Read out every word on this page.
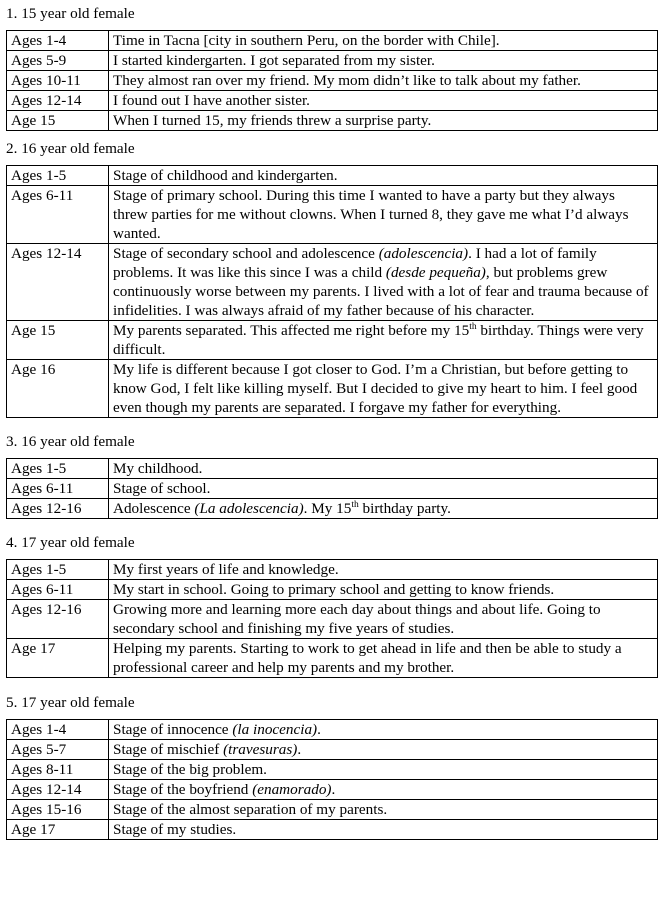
1. 15 year old female

Ages 1-4	Time in Tacna [city in southern Peru, on the border with Chile].
Ages 5-9	I started kindergarten. I got separated from my sister.
Ages 10-11	They almost ran over my friend. My mom didn’t like to talk about my father.
Ages 12-14	I found out I have another sister.
Age 15	When I turned 15, my friends threw a surprise party.

2. 16 year old female

Ages 1-5	Stage of childhood and kindergarten.
Ages 6-11	Stage of primary school. During this time I wanted to have a party but they always threw parties for me without clowns. When I turned 8, they gave me what I’d always wanted.
Ages 12-14	Stage of secondary school and adolescence (adolescencia). I had a lot of family problems. It was like this since I was a child (desde pequeña), but problems grew continuously worse between my parents. I lived with a lot of fear and trauma because of infidelities. I was always afraid of my father because of his character.
Age 15	My parents separated. This affected me right before my 15th birthday. Things were very difficult.
Age 16	My life is different because I got closer to God. I’m a Christian, but before getting to know God, I felt like killing myself. But I decided to give my heart to him. I feel good even though my parents are separated. I forgave my father for everything.

3. 16 year old female

Ages 1-5	My childhood.
Ages 6-11	Stage of school.
Ages 12-16	Adolescence (La adolescencia). My 15th birthday party.

4. 17 year old female

Ages 1-5	My first years of life and knowledge.
Ages 6-11	My start in school. Going to primary school and getting to know friends.
Ages 12-16	Growing more and learning more each day about things and about life. Going to secondary school and finishing my five years of studies.
Age 17	Helping my parents. Starting to work to get ahead in life and then be able to study a professional career and help my parents and my brother.

5. 17 year old female

Ages 1-4	Stage of innocence (la inocencia).
Ages 5-7	Stage of mischief (travesuras).
Ages 8-11	Stage of the big problem.
Ages 12-14	Stage of the boyfriend (enamorado).
Ages 15-16	Stage of the almost separation of my parents.
Age 17	Stage of my studies.
